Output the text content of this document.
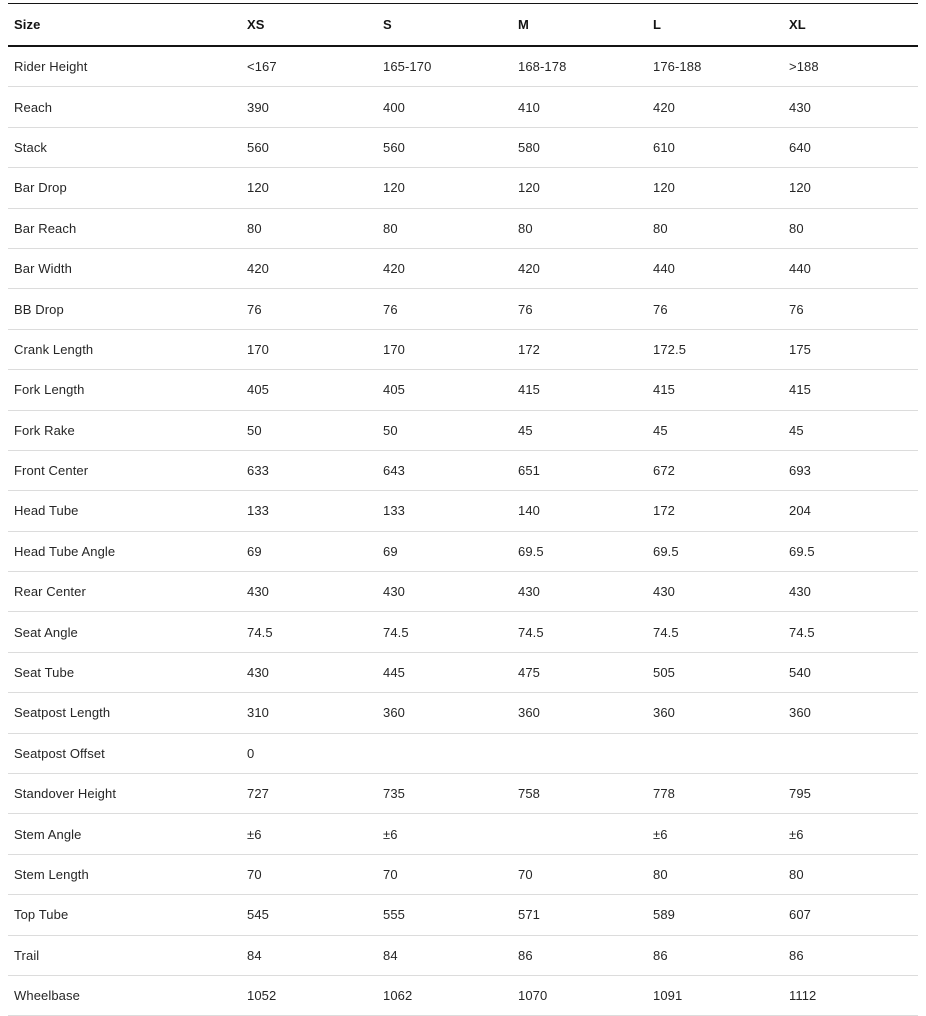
Size	XS	S	M	L	XL
Rider Height	<167	165-170	168-178	176-188	>188
Reach	390	400	410	420	430
Stack	560	560	580	610	640
Bar Drop	120	120	120	120	120
Bar Reach	80	80	80	80	80
Bar Width	420	420	420	440	440
BB Drop	76	76	76	76	76
Crank Length	170	170	172	172.5	175
Fork Length	405	405	415	415	415
Fork Rake	50	50	45	45	45
Front Center	633	643	651	672	693
Head Tube	133	133	140	172	204
Head Tube Angle	69	69	69.5	69.5	69.5
Rear Center	430	430	430	430	430
Seat Angle	74.5	74.5	74.5	74.5	74.5
Seat Tube	430	445	475	505	540
Seatpost Length	310	360	360	360	360
Seatpost Offset	0				
Standover Height	727	735	758	778	795
Stem Angle	±6	±6		±6	±6
Stem Length	70	70	70	80	80
Top Tube	545	555	571	589	607
Trail	84	84	86	86	86
Wheelbase	1052	1062	1070	1091	1112
